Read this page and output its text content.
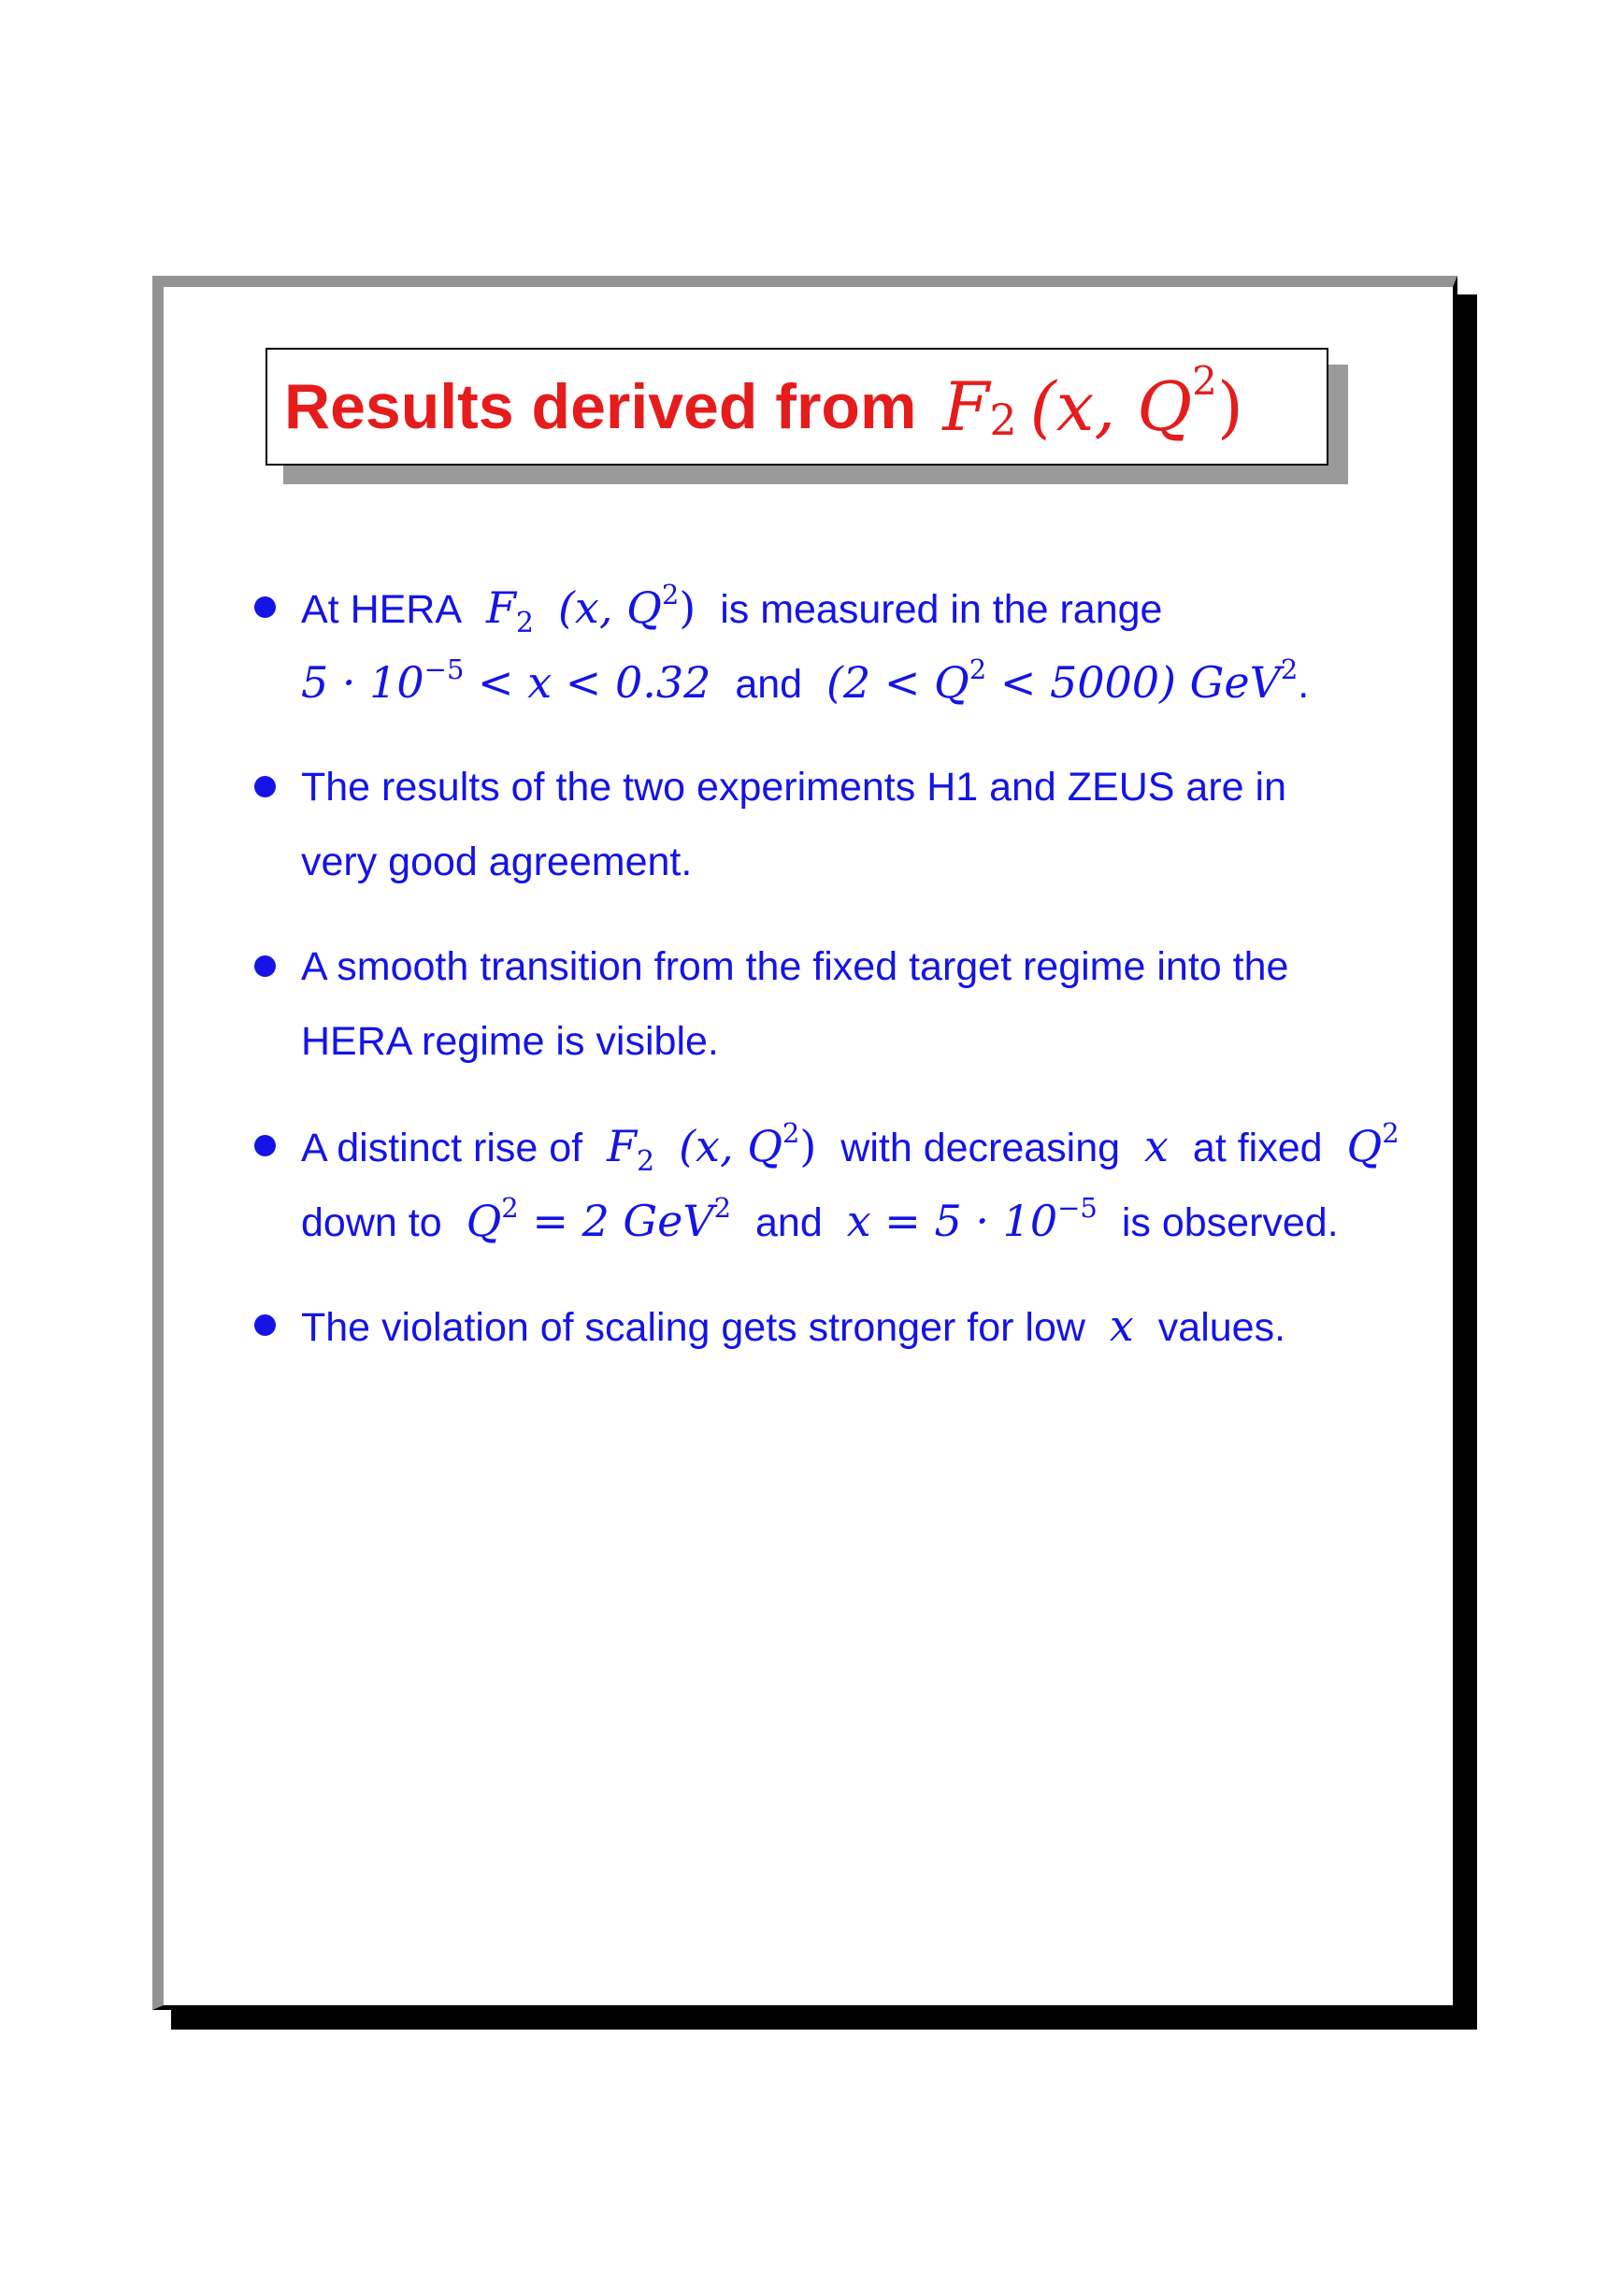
Results derived from F 2 (x, Q 2 )
At HERA $F_2$ (x, $Q^2$) is measured in the range
$5 \cdot 10^{-5} < x < 0.32$ and $(2 < Q^2 < 5000)$ GeV$^2$.
The results of the two experiments H1 and ZEUS are in
very good agreement.
A smooth transition from the fixed target regime into the
HERA regime is visible.
A distinct rise of $F_2$ (x, $Q^2$) with decreasing x at fixed $Q^2$
down to $Q^2 = 2$ GeV$^2$ and $x = 5 \cdot 10^{-5}$ is observed.
The violation of scaling gets stronger for low x values.
